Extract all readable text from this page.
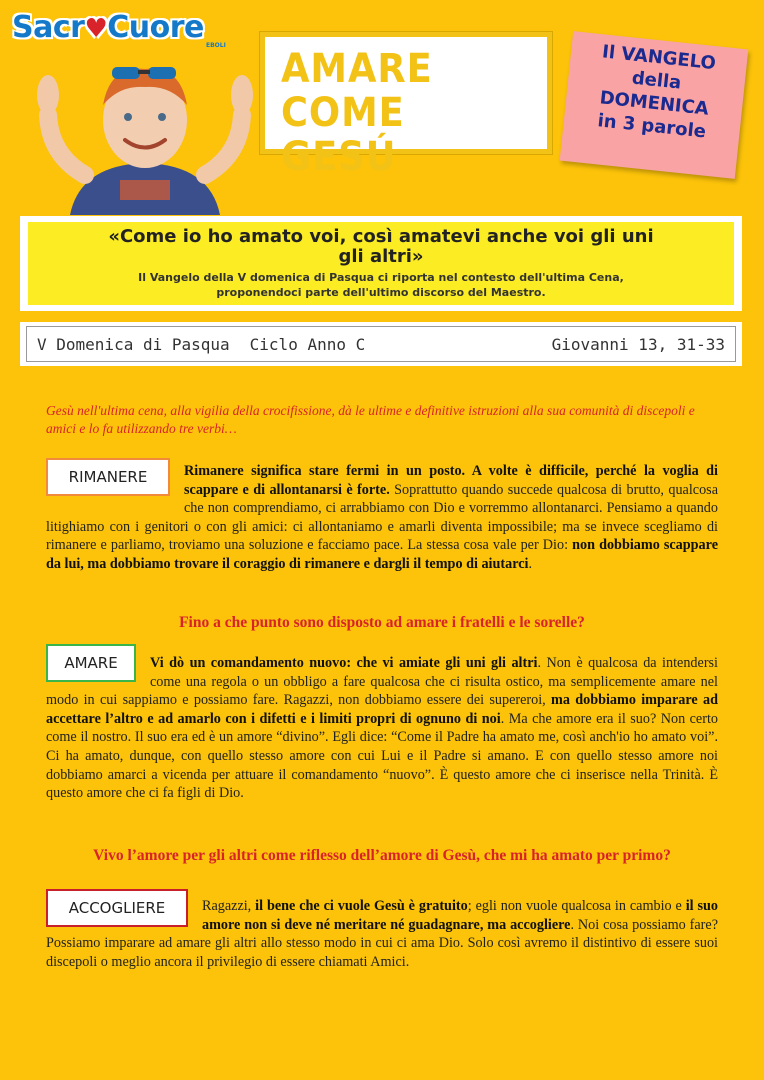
Sacr♥Cuore
EBOLI
AMARE
COME GESÚ
Il VANGELO
della
DOMENICA
in 3 parole
«Come io ho amato voi, così amatevi anche voi gli uni gli altri»
Il Vangelo della V domenica di Pasqua ci riporta nel contesto dell'ultima Cena, proponendoci parte dell'ultimo discorso del Maestro.
V Domenica di Pasqua Ciclo Anno C	Giovanni 13, 31-33
Gesù nell'ultima cena, alla vigilia della crocifissione, dà le ultime e definitive istruzioni alla sua comunità di discepoli e amici e lo fa utilizzando tre verbi…
RIMANERE	Rimanere significa stare fermi in un posto. A volte è difficile, perché la voglia di scappare e di allontanarsi è forte. Soprattutto quando succede qualcosa di brutto, qualcosa che non comprendiamo, ci arrabbiamo con Dio e vorremmo allontanarci. Pensiamo a quando litighiamo con i genitori o con gli amici: ci allontaniamo e amarli diventa impossibile; ma se invece scegliamo di rimanere e parliamo, troviamo una soluzione e facciamo pace. La stessa cosa vale per Dio: non dobbiamo scappare da lui, ma dobbiamo trovare il coraggio di rimanere e dargli il tempo di aiutarci.
Fino a che punto sono disposto ad amare i fratelli e le sorelle?
AMARE	Vi dò un comandamento nuovo: che vi amiate gli uni gli altri. Non è qualcosa da intendersi come una regola o un obbligo a fare qualcosa che ci risulta ostico, ma semplicemente amare nel modo in cui sappiamo e possiamo fare. Ragazzi, non dobbiamo essere dei supereroi, ma dobbiamo imparare ad accettare l’altro e ad amarlo con i difetti e i limiti propri di ognuno di noi. Ma che amore era il suo? Non certo come il nostro. Il suo era ed è un amore “divino”. Egli dice: “Come il Padre ha amato me, così anch'io ho amato voi”. Ci ha amato, dunque, con quello stesso amore con cui Lui e il Padre si amano. E con quello stesso amore noi dobbiamo amarci a vicenda per attuare il comandamento “nuovo”. È questo amore che ci inserisce nella Trinità. È questo amore che ci fa figli di Dio.
Vivo l’amore per gli altri come riflesso dell’amore di Gesù, che mi ha amato per primo?
ACCOGLIERE	Ragazzi, il bene che ci vuole Gesù è gratuito; egli non vuole qualcosa in cambio e il suo amore non si deve né meritare né guadagnare, ma accogliere. Noi cosa possiamo fare? Possiamo imparare ad amare gli altri allo stesso modo in cui ci ama Dio. Solo così avremo il distintivo di essere suoi discepoli o meglio ancora il privilegio di essere chiamati Amici.
